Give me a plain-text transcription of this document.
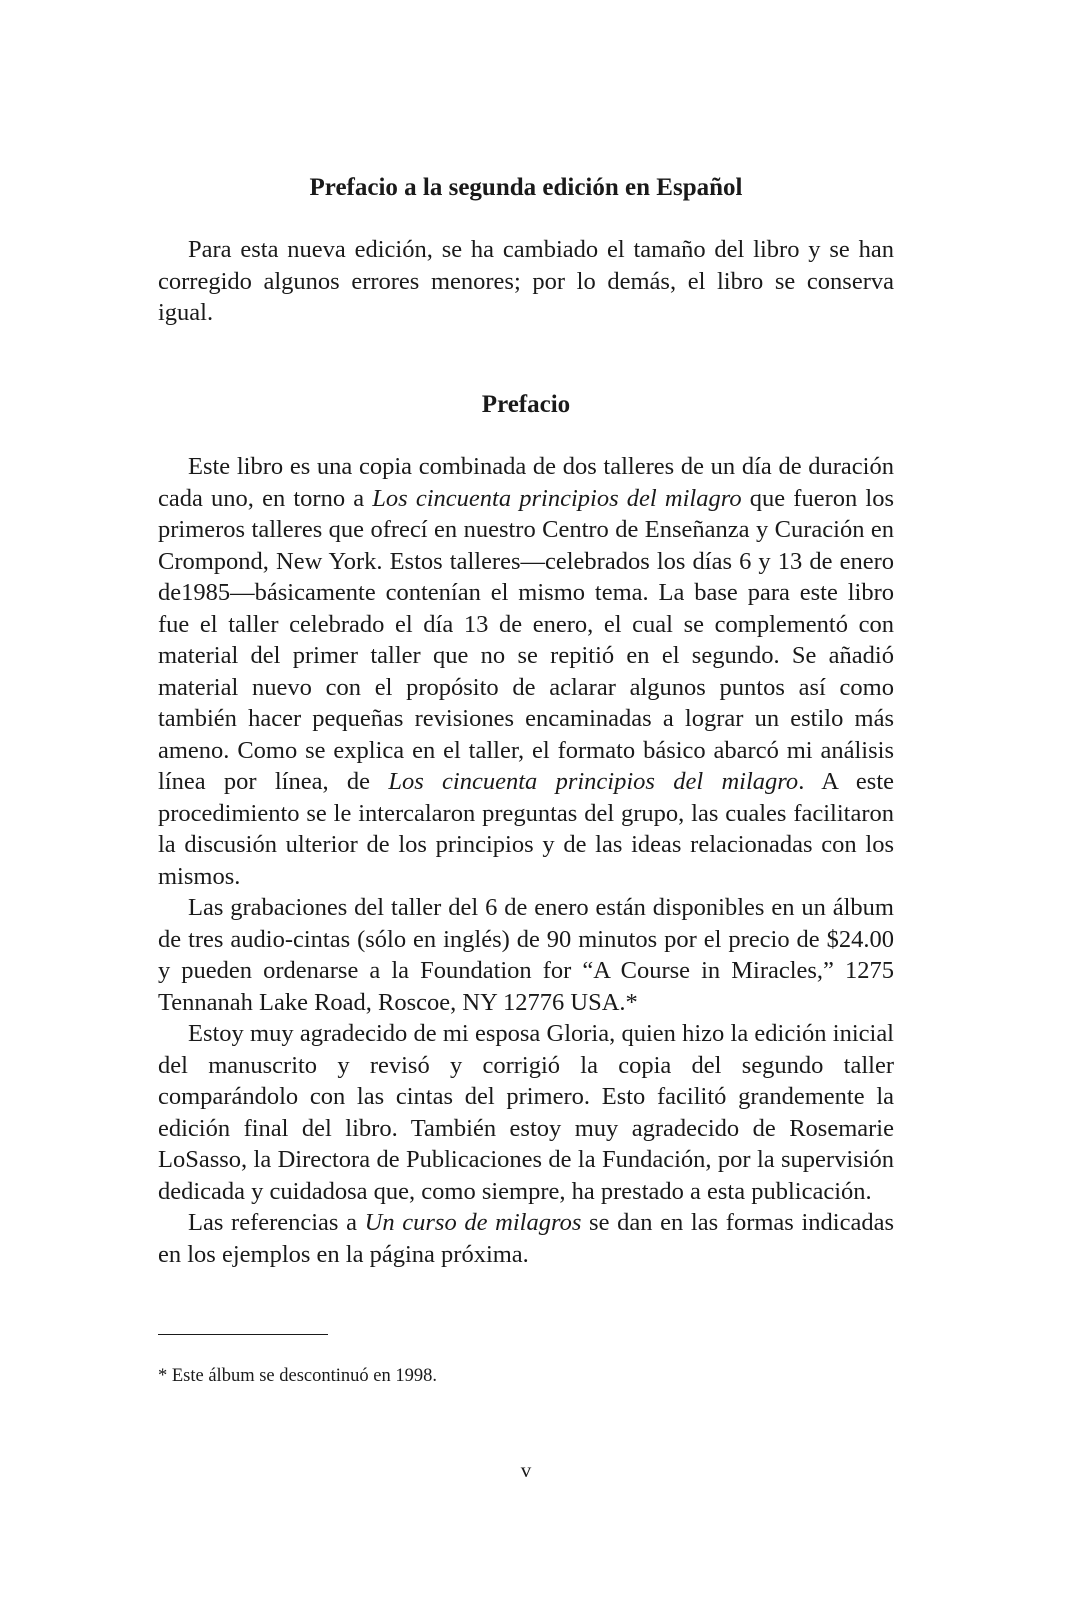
Prefacio a la segunda edición en Español

Para esta nueva edición, se ha cambiado el tamaño del libro y se han corregido algunos errores menores; por lo demás, el libro se conserva igual.

Prefacio

Este libro es una copia combinada de dos talleres de un día de duración cada uno, en torno a Los cincuenta principios del milagro que fueron los primeros talleres que ofrecí en nuestro Centro de Enseñanza y Curación en Crompond, New York. Estos talleres—celebrados los días 6 y 13 de enero de1985—básicamente contenían el mismo tema. La base para este libro fue el taller celebrado el día 13 de enero, el cual se complementó con material del primer taller que no se repitió en el segundo. Se añadió material nuevo con el propósito de aclarar algunos puntos así como también hacer pequeñas revisiones encaminadas a lograr un estilo más ameno. Como se explica en el taller, el formato básico abarcó mi análisis línea por línea, de Los cincuenta principios del milagro. A este procedimiento se le intercalaron preguntas del grupo, las cuales facilitaron la discusión ulterior de los principios y de las ideas relacionadas con los mismos.

Las grabaciones del taller del 6 de enero están disponibles en un álbum de tres audio-cintas (sólo en inglés) de 90 minutos por el precio de $24.00 y pueden ordenarse a la Foundation for “A Course in Miracles,” 1275 Tennanah Lake Road, Roscoe, NY 12776 USA.*

Estoy muy agradecido de mi esposa Gloria, quien hizo la edición inicial del manuscrito y revisó y corrigió la copia del segundo taller comparándolo con las cintas del primero. Esto facilitó grandemente la edición final del libro. También estoy muy agradecido de Rosemarie LoSasso, la Directora de Publicaciones de la Fundación, por la supervisión dedicada y cuidadosa que, como siempre, ha prestado a esta publicación.

Las referencias a Un curso de milagros se dan en las formas indicadas en los ejemplos en la página próxima.

* Este álbum se descontinuó en 1998.

v
